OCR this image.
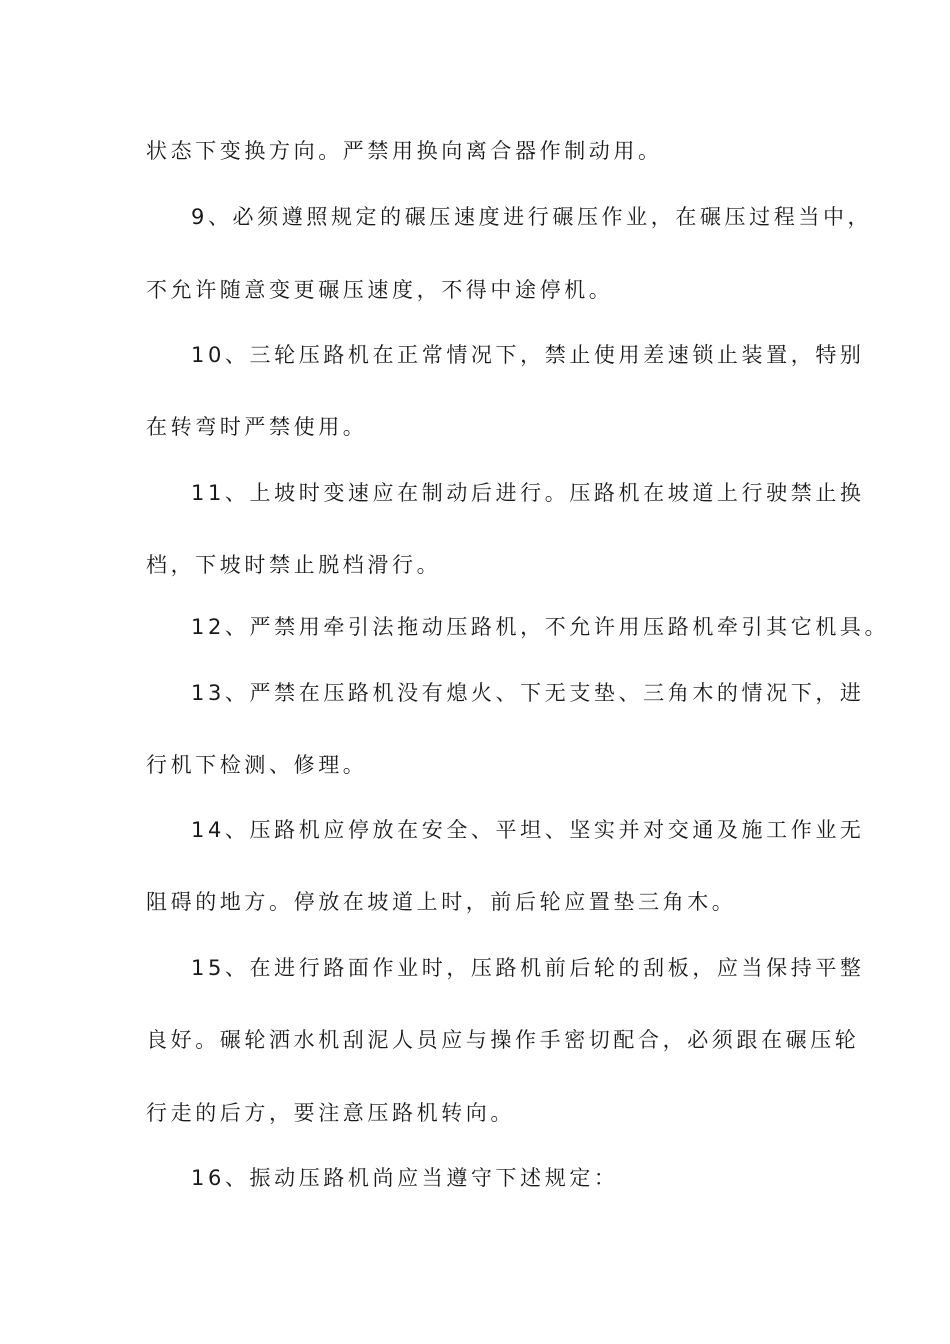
状态下变换方向。严禁用换向离合器作制动用。
9、必须遵照规定的碾压速度进行碾压作业，在碾压过程当中，
不允许随意变更碾压速度，不得中途停机。
10、三轮压路机在正常情况下，禁止使用差速锁止装置，特别
在转弯时严禁使用。
11、上坡时变速应在制动后进行。压路机在坡道上行驶禁止换
档，下坡时禁止脱档滑行。
12、严禁用牵引法拖动压路机，不允许用压路机牵引其它机具。
13、严禁在压路机没有熄火、下无支垫、三角木的情况下，进
行机下检测、修理。
14、压路机应停放在安全、平坦、坚实并对交通及施工作业无
阻碍的地方。停放在坡道上时，前后轮应置垫三角木。
15、在进行路面作业时，压路机前后轮的刮板，应当保持平整
良好。碾轮洒水机刮泥人员应与操作手密切配合，必须跟在碾压轮
行走的后方，要注意压路机转向。
16、振动压路机尚应当遵守下述规定：
